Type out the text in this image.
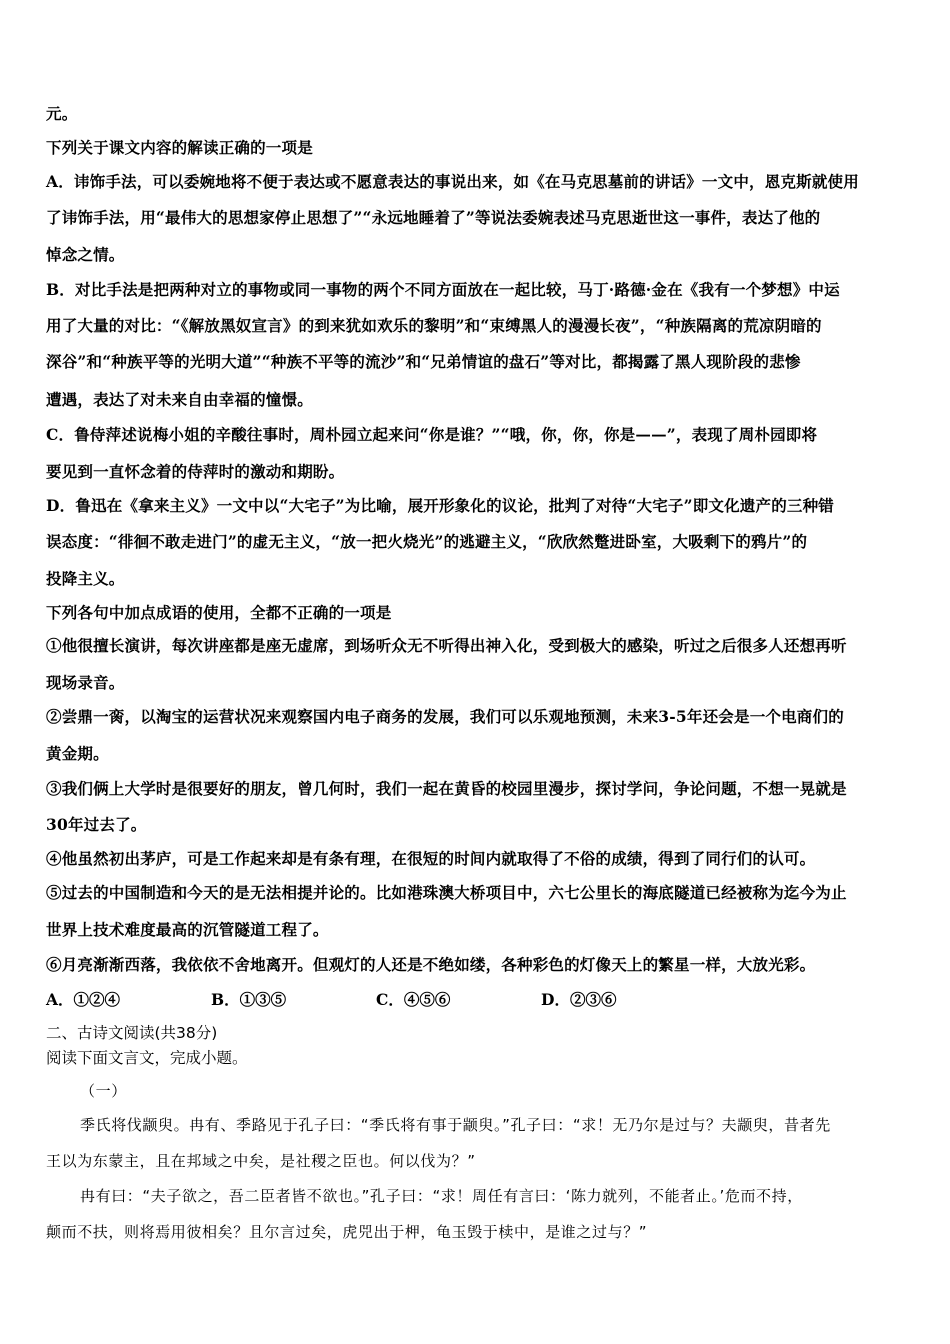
元。
下列关于课文内容的解读正确的一项是
A．讳饰手法，可以委婉地将不便于表达或不愿意表达的事说出来，如《在马克思墓前的讲话》一文中，恩克斯就使用
了讳饰手法，用“最伟大的思想家停止思想了”“永远地睡着了”等说法委婉表述马克思逝世这一事件，表达了他的
悼念之情。
B．对比手法是把两种对立的事物或同一事物的两个不同方面放在一起比较，马丁·路德·金在《我有一个梦想》中运
用了大量的对比：“《解放黑奴宣言》的到来犹如欢乐的黎明”和“束缚黑人的漫漫长夜”，“种族隔离的荒凉阴暗的
深谷”和“种族平等的光明大道”“种族不平等的流沙”和“兄弟情谊的盘石”等对比，都揭露了黑人现阶段的悲惨
遭遇，表达了对未来自由幸福的憧憬。
C．鲁侍萍述说梅小姐的辛酸往事时，周朴园立起来问“你是谁？”“哦，你，你，你是——”，表现了周朴园即将
要见到一直怀念着的侍萍时的激动和期盼。
D．鲁迅在《拿来主义》一文中以“大宅子”为比喻，展开形象化的议论，批判了对待“大宅子”即文化遗产的三种错
误态度：“徘徊不敢走进门”的虚无主义，“放一把火烧光”的逃避主义，“欣欣然蹩进卧室，大吸剩下的鸦片”的
投降主义。
下列各句中加点成语的使用，全都不正确的一项是
①他很擅长演讲，每次讲座都是座无虚席，到场听众无不听得出神入化，受到极大的感染，听过之后很多人还想再听
现场录音。
②尝鼎一脔，以淘宝的运营状况来观察国内电子商务的发展，我们可以乐观地预测，未来3-5年还会是一个电商们的
黄金期。
③我们俩上大学时是很要好的朋友，曾几何时，我们一起在黄昏的校园里漫步，探讨学问，争论问题，不想一晃就是
30年过去了。
④他虽然初出茅庐，可是工作起来却是有条有理，在很短的时间内就取得了不俗的成绩，得到了同行们的认可。
⑤过去的中国制造和今天的是无法相提并论的。比如港珠澳大桥项目中，六七公里长的海底隧道已经被称为迄今为止
世界上技术难度最高的沉管隧道工程了。
⑥月亮渐渐西落，我依依不舍地离开。但观灯的人还是不绝如缕，各种彩色的灯像天上的繁星一样，大放光彩。
A．①②④	B．①③⑤	C．④⑤⑥	D．②③⑥
二、古诗文阅读(共38分)
阅读下面文言文，完成小题。
（一）
季氏将伐颛臾。冉有、季路见于孔子曰：“季氏将有事于颛臾。”孔子曰：“求！无乃尔是过与？夫颛臾，昔者先
王以为东蒙主，且在邦域之中矣，是社稷之臣也。何以伐为？”
冉有曰：“夫子欲之，吾二臣者皆不欲也。”孔子曰：“求！周任有言曰：‘陈力就列，不能者止。’危而不持，
颠而不扶，则将焉用彼相矣？且尔言过矣，虎兕出于柙，龟玉毁于椟中，是谁之过与？”
